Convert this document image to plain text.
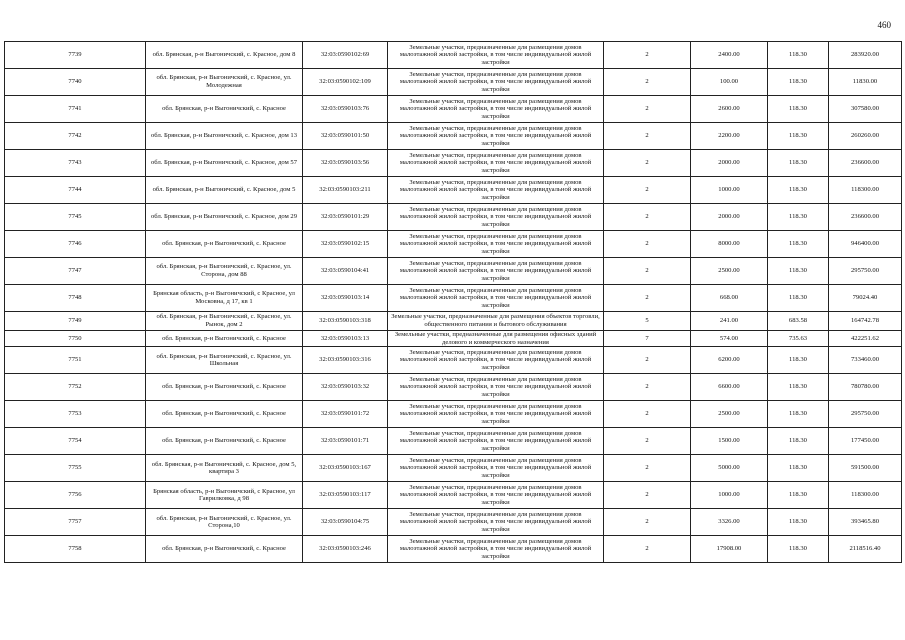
460
7739	обл. Брянская, р-н Выгоничский, с. Красное, дом 8	32:03:0590102:69	Земельные участки, предназначенные для размещения домов малоэтажной жилой застройки, в том числе индивидуальной жилой застройки	2	2400.00	118.30	283920.00
7740	обл. Брянская, р-н Выгоничский, с. Красное, ул. Молодежная	32:03:0590102:109	Земельные участки, предназначенные для размещения домов малоэтажной жилой застройки, в том числе индивидуальной жилой застройки	2	100.00	118.30	11830.00
7741	обл. Брянская, р-н Выгоничский, с. Красное	32:03:0590103:76	Земельные участки, предназначенные для размещения домов малоэтажной жилой застройки, в том числе индивидуальной жилой застройки	2	2600.00	118.30	307580.00
7742	обл. Брянская, р-н Выгоничский, с. Красное, дом 13	32:03:0590101:50	Земельные участки, предназначенные для размещения домов малоэтажной жилой застройки, в том числе индивидуальной жилой застройки	2	2200.00	118.30	260260.00
7743	обл. Брянская, р-н Выгоничский, с. Красное, дом 57	32:03:0590103:56	Земельные участки, предназначенные для размещения домов малоэтажной жилой застройки, в том числе индивидуальной жилой застройки	2	2000.00	118.30	236600.00
7744	обл. Брянская, р-н Выгоничский, с. Красное, дом 5	32:03:0590103:211	Земельные участки, предназначенные для размещения домов малоэтажной жилой застройки, в том числе индивидуальной жилой застройки	2	1000.00	118.30	118300.00
7745	обл. Брянская, р-н Выгоничский, с. Красное, дом 29	32:03:0590101:29	Земельные участки, предназначенные для размещения домов малоэтажной жилой застройки, в том числе индивидуальной жилой застройки	2	2000.00	118.30	236600.00
7746	обл. Брянская, р-н Выгоничский, с. Красное	32:03:0590102:15	Земельные участки, предназначенные для размещения домов малоэтажной жилой застройки, в том числе индивидуальной жилой застройки	2	8000.00	118.30	946400.00
7747	обл. Брянская, р-н Выгоничский, с. Красное, ул. Сторона, дом 88	32:03:0590104:41	Земельные участки, предназначенные для размещения домов малоэтажной жилой застройки, в том числе индивидуальной жилой застройки	2	2500.00	118.30	295750.00
7748	Брянская область, р-н Выгоничский, с Красное, ул Московна, д 17, кв 1	32:03:0590103:14	Земельные участки, предназначенные для размещения домов малоэтажной жилой застройки, в том числе индивидуальной жилой застройки	2	668.00	118.30	79024.40
7749	обл. Брянская, р-н Выгоничский, с. Красное, ул. Рынок, дом 2	32:03:0590103:318	Земельные участки, предназначенные для размещения объектов торговли, общественного питания и бытового обслуживания	5	241.00	683.58	164742.78
7750	обл. Брянская, р-н Выгоничский, с. Красное	32:03:0590103:13	Земельные участки, предназначенные для размещения офисных зданий делового и коммерческого назначения	7	574.00	735.63	422251.62
7751	обл. Брянская, р-н Выгоничский, с. Красное, ул. Школьная	32:03:0590103:316	Земельные участки, предназначенные для размещения домов малоэтажной жилой застройки, в том числе индивидуальной жилой застройки	2	6200.00	118.30	733460.00
7752	обл. Брянская, р-н Выгоничский, с. Красное	32:03:0590103:32	Земельные участки, предназначенные для размещения домов малоэтажной жилой застройки, в том числе индивидуальной жилой застройки	2	6600.00	118.30	780780.00
7753	обл. Брянская, р-н Выгоничский, с. Красное	32:03:0590101:72	Земельные участки, предназначенные для размещения домов малоэтажной жилой застройки, в том числе индивидуальной жилой застройки	2	2500.00	118.30	295750.00
7754	обл. Брянская, р-н Выгоничский, с. Красное	32:03:0590101:71	Земельные участки, предназначенные для размещения домов малоэтажной жилой застройки, в том числе индивидуальной жилой застройки	2	1500.00	118.30	177450.00
7755	обл. Брянская, р-н Выгоничский, с. Красное, дом 5, квартира 3	32:03:0590103:167	Земельные участки, предназначенные для размещения домов малоэтажной жилой застройки, в том числе индивидуальной жилой застройки	2	5000.00	118.30	591500.00
7756	Брянская область, р-н Выгоничский, с Красное, ул Гаврилковка, д 98	32:03:0590103:117	Земельные участки, предназначенные для размещения домов малоэтажной жилой застройки, в том числе индивидуальной жилой застройки	2	1000.00	118.30	118300.00
7757	обл. Брянская, р-н Выгоничский, с. Красное, ул. Сторона,10	32:03:0590104:75	Земельные участки, предназначенные для размещения домов малоэтажной жилой застройки, в том числе индивидуальной жилой застройки	2	3326.00	118.30	393465.80
7758	обл. Брянская, р-н Выгоничский, с. Красное	32:03:0590103:246	Земельные участки, предназначенные для размещения домов малоэтажной жилой застройки, в том числе индивидуальной жилой застройки	2	17908.00	118.30	2118516.40
